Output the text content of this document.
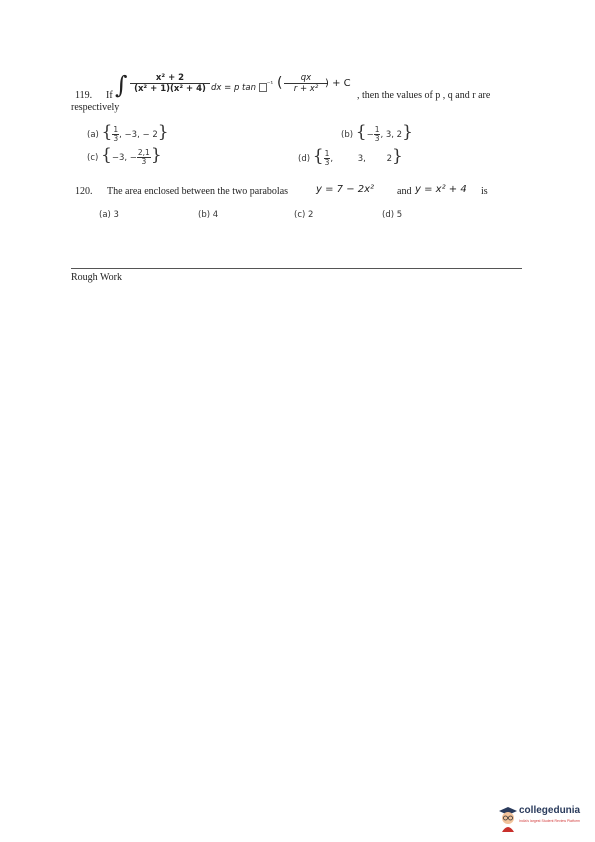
119. If ∫ $\frac{\text{x² + 2}}{\text{(x² + 1)(x² + 4)}}$ dx = p tan $^{^{-1}}$ ( $\frac{qx}{\text{r + x²}}$
) + C
, then the values of p , q and r are
respectively
(a) { $\frac{1}{3}$ , −3, − 2}	(b) {− $\frac{1}{3}$ , 3, 2}
(c) {−3, − $\frac{2,1}{3}$ }	(d) { $\frac{1}{3}$ ,	3, 2}
120. The area enclosed between the two parabolas	y = 7 − 2x² and y = x² + 4 is
(a) 3	(b) 4	(c) 2	(d) 5
Rough Work
collegedunia
India's largest Student Review Platform
